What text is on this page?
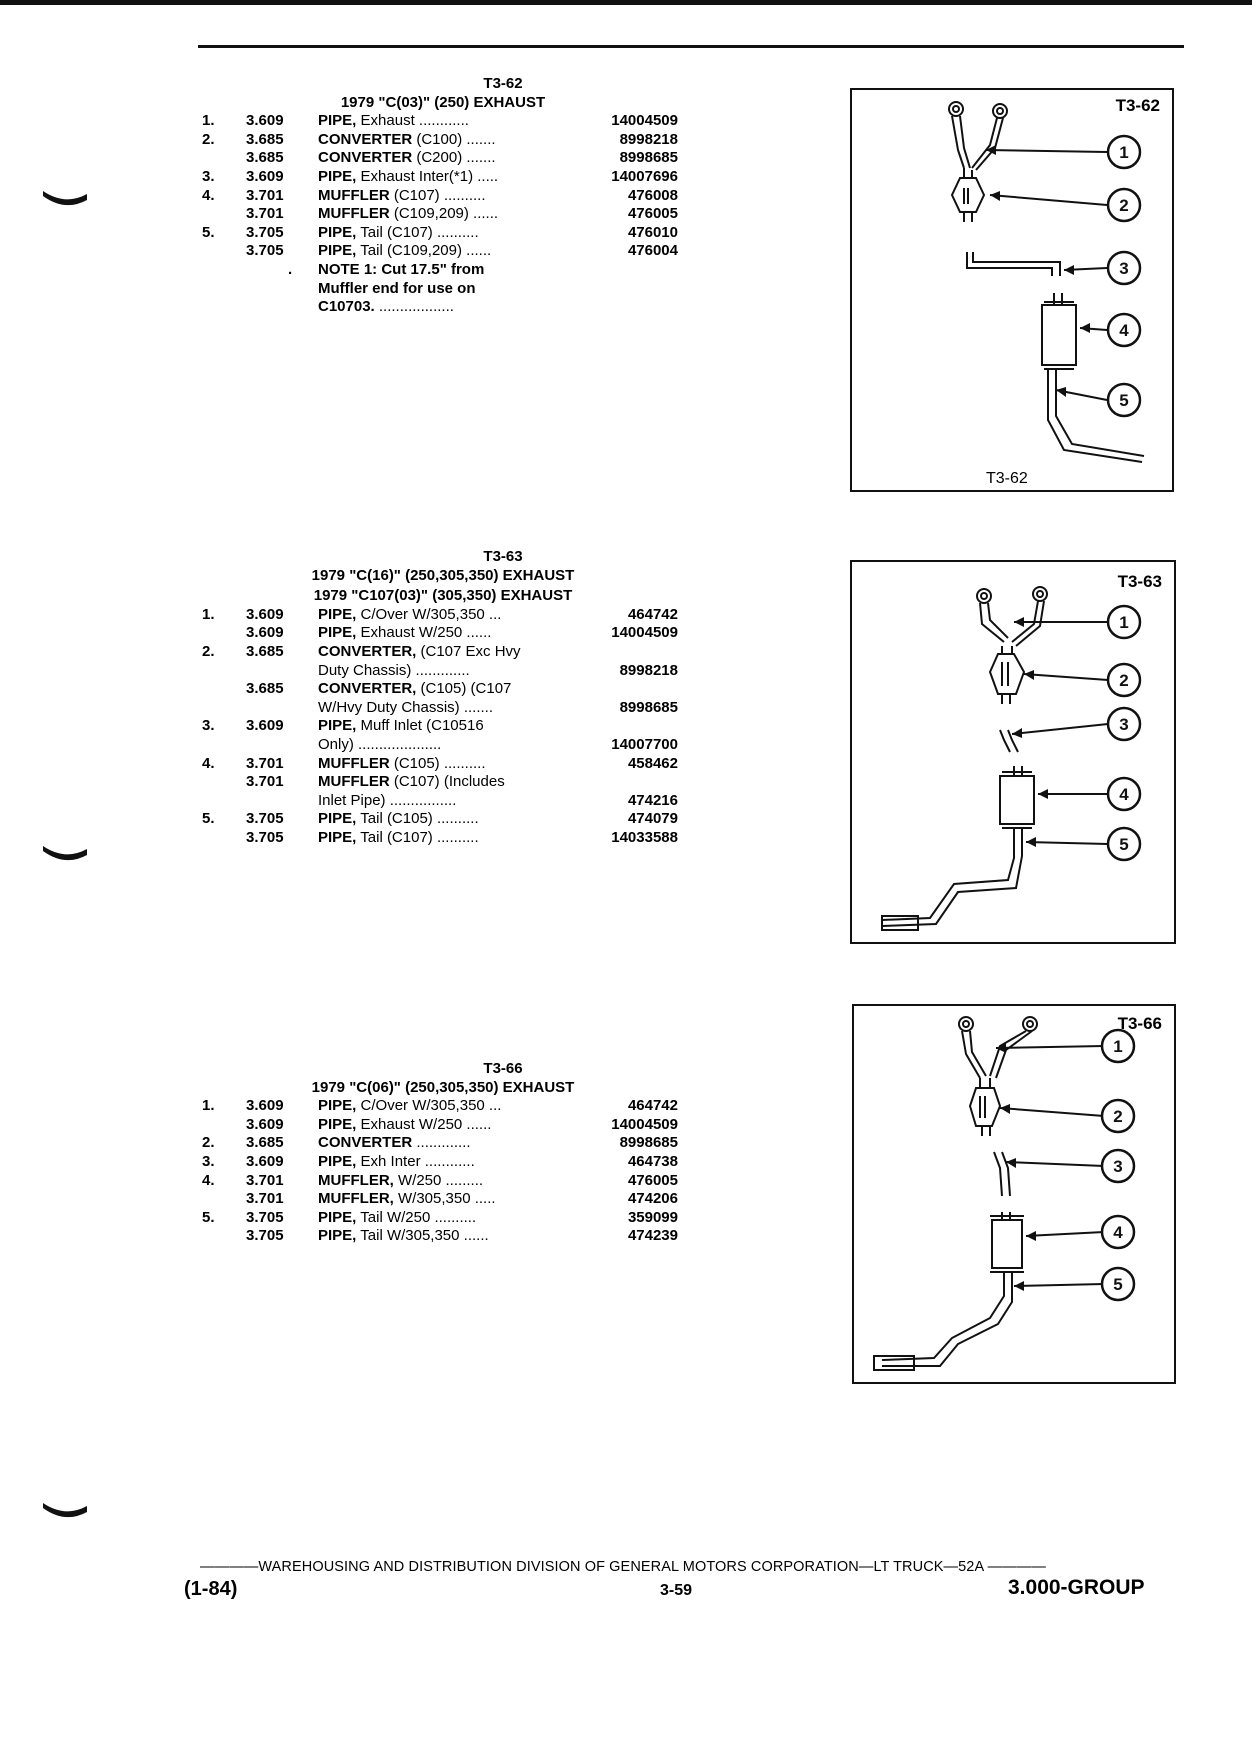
T3-62
1979 "C(03)" (250) EXHAUST
1. 3.609 PIPE, Exhaust ............	14004509
2. 3.685 CONVERTER (C100) .......	8998218
3.685 CONVERTER (C200) .......	8998685
3. 3.609 PIPE, Exhaust Inter(*1) .....	14007696
4. 3.701 MUFFLER (C107) ..........	476008
3.701 MUFFLER (C109,209) ......	476005
5. 3.705 PIPE, Tail (C107) ..........	476010
3.705 PIPE, Tail (C109,209) ......	476004
. NOTE 1: Cut 17.5" from
Muffler end for use on
C10703. ..................
T3-63
1979 "C(16)" (250,305,350) EXHAUST
1979 "C107(03)" (305,350) EXHAUST
1. 3.609 PIPE, C/Over W/305,350 ...	464742
3.609 PIPE, Exhaust W/250 ......	14004509
2. 3.685 CONVERTER, (C107 Exc Hvy
Duty Chassis) .............	8998218
3.685 CONVERTER, (C105) (C107
W/Hvy Duty Chassis) .......	8998685
3. 3.609 PIPE, Muff Inlet (C10516
Only) ....................	14007700
4. 3.701 MUFFLER (C105) ..........	458462
3.701 MUFFLER (C107) (Includes
Inlet Pipe) ................	474216
5. 3.705 PIPE, Tail (C105) ..........	474079
3.705 PIPE, Tail (C107) ..........	14033588
T3-66
1979 "C(06)" (250,305,350) EXHAUST
1. 3.609 PIPE, C/Over W/305,350 ...	464742
3.609 PIPE, Exhaust W/250 ......	14004509
2. 3.685 CONVERTER .............	8998685
3. 3.609 PIPE, Exh Inter ............	464738
4. 3.701 MUFFLER, W/250 .........	476005
3.701 MUFFLER, W/305,350 .....	474206
5. 3.705 PIPE, Tail W/250 ..........	359099
3.705 PIPE, Tail W/305,350 ......	474239
1
2
3
4
5
T3-62
T3-62
1
2
3
4
5
T3-63
1
2
3
4
5
T3-66
————WAREHOUSING AND DISTRIBUTION DIVISION OF GENERAL MOTORS CORPORATION—LT TRUCK—52A ————
(1-84)	3-59	3.000-GROUP
